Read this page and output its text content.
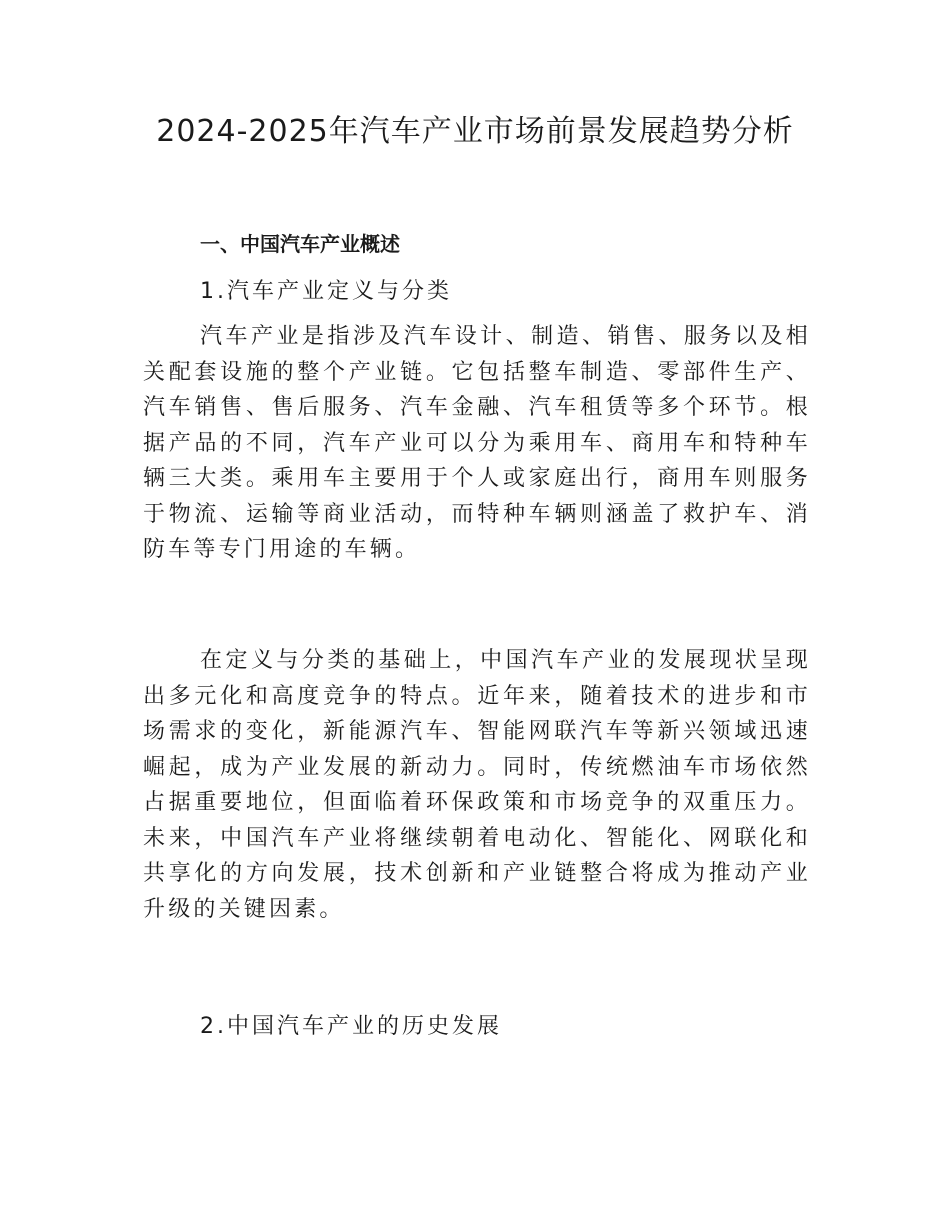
2024-2025年汽车产业市场前景发展趋势分析
一、中国汽车产业概述
1.汽车产业定义与分类

汽车产业是指涉及汽车设计、制造、销售、服务以及相关配套设施的整个产业链。它包括整车制造、零部件生产、汽车销售、售后服务、汽车金融、汽车租赁等多个环节。根据产品的不同，汽车产业可以分为乘用车、商用车和特种车辆三大类。乘用车主要用于个人或家庭出行，商用车则服务于物流、运输等商业活动，而特种车辆则涵盖了救护车、消防车等专门用途的车辆。

在定义与分类的基础上，中国汽车产业的发展现状呈现出多元化和高度竞争的特点。近年来，随着技术的进步和市场需求的变化，新能源汽车、智能网联汽车等新兴领域迅速崛起，成为产业发展的新动力。同时，传统燃油车市场依然占据重要地位，但面临着环保政策和市场竞争的双重压力。未来，中国汽车产业将继续朝着电动化、智能化、网联化和共享化的方向发展，技术创新和产业链整合将成为推动产业升级的关键因素。

2.中国汽车产业的历史发展
